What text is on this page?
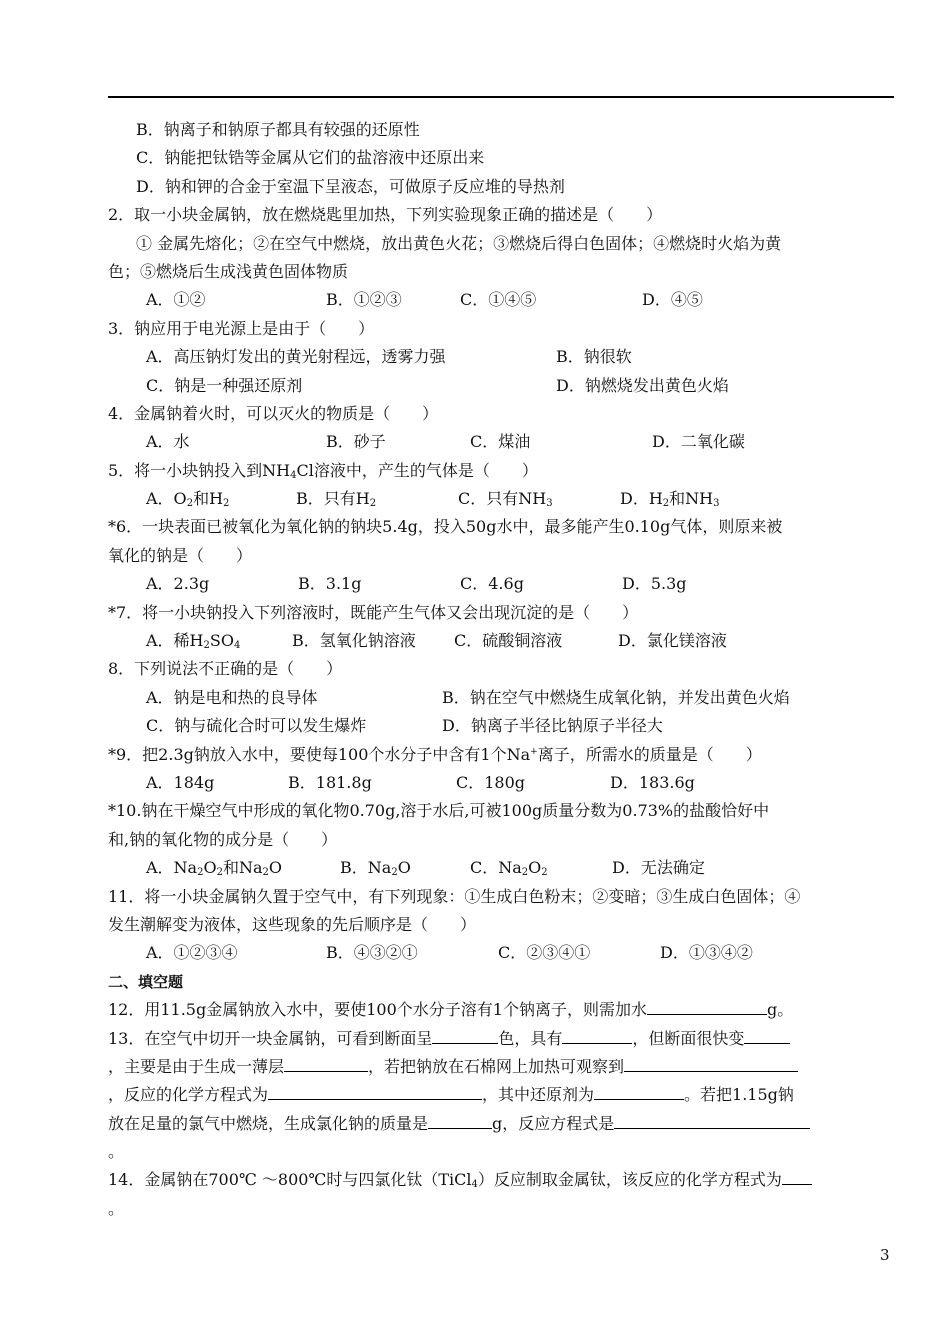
B．钠离子和钠原子都具有较强的还原性
C．钠能把钛锆等金属从它们的盐溶液中还原出来
D．钠和钾的合金于室温下呈液态，可做原子反应堆的导热剂
2．取一小块金属钠，放在燃烧匙里加热，下列实验现象正确的描述是（　　）
① 金属先熔化；②在空气中燃烧，放出黄色火花；③燃烧后得白色固体；④燃烧时火焰为黄
色；⑤燃烧后生成浅黄色固体物质
A．①②	B．①②③	C．①④⑤	D．④⑤
3．钠应用于电光源上是由于（　　）
A．高压钠灯发出的黄光射程远，透雾力强	B．钠很软
C．钠是一种强还原剂	D．钠燃烧发出黄色火焰
4．金属钠着火时，可以灭火的物质是（　　）
A．水	B．砂子	C．煤油	D．二氧化碳
5．将一小块钠投入到$NH_4Cl$溶液中，产生的气体是（　　）
A．$O_2$和$H_2$	B．只有$H_2$	C．只有$NH_3$	D．$H_2$和$NH_3$
*6．一块表面已被氧化为氧化钠的钠块5.4g，投入50g水中，最多能产生0.10g气体，则原来被
氧化的钠是（　　）
A．2.3g	B．3.1g	C．4.6g	D．5.3g
*7．将一小块钠投入下列溶液时，既能产生气体又会出现沉淀的是（　　）
A．稀$H_2SO_4$	B．氢氧化钠溶液 C．硫酸铜溶液	D．氯化镁溶液
8．下列说法不正确的是（　　）
A．钠是电和热的良导体	B．钠在空气中燃烧生成氧化钠，并发出黄色火焰
C．钠与硫化合时可以发生爆炸	D．钠离子半径比钠原子半径大
*9．把2.3g钠放入水中，要使每100个水分子中含有1个Na+离子，所需水的质量是（　　）
A．184g	B．181.8g	C．180g	D．183.6g
*10.钠在干燥空气中形成的氧化物0.70g,溶于水后,可被100g质量分数为0.73%的盐酸恰好中
和,钠的氧化物的成分是（　　）
A．$Na_2O_2$和$Na_2O$	B．$Na_2O$	C．$Na_2O_2$	D．无法确定
11．将一小块金属钠久置于空气中，有下列现象：①生成白色粉末；②变暗；③生成白色固体；④
发生潮解变为液体，这些现象的先后顺序是（　　）
A．①②③④	B．④③②①	C．②③④①	D．①③④②
二、填空题
12．用11.5g金属钠放入水中，要使100个水分子溶有1个钠离子，则需加水	g。
13．在空气中切开一块金属钠，可看到断面呈	色，具有	，但断面很快变
，主要是由于生成一薄层	，若把钠放在石棉网上加热可观察到
，反应的化学方程式为	，其中还原剂为	。若把1.15g钠
放在足量的氯气中燃烧，生成氯化钠的质量是	g，反应方程式是
。
14．金属钠在700℃ ～800℃时与四氯化钛（TiCl$_4$）反应制取金属钛，该反应的化学方程式为
。
3
